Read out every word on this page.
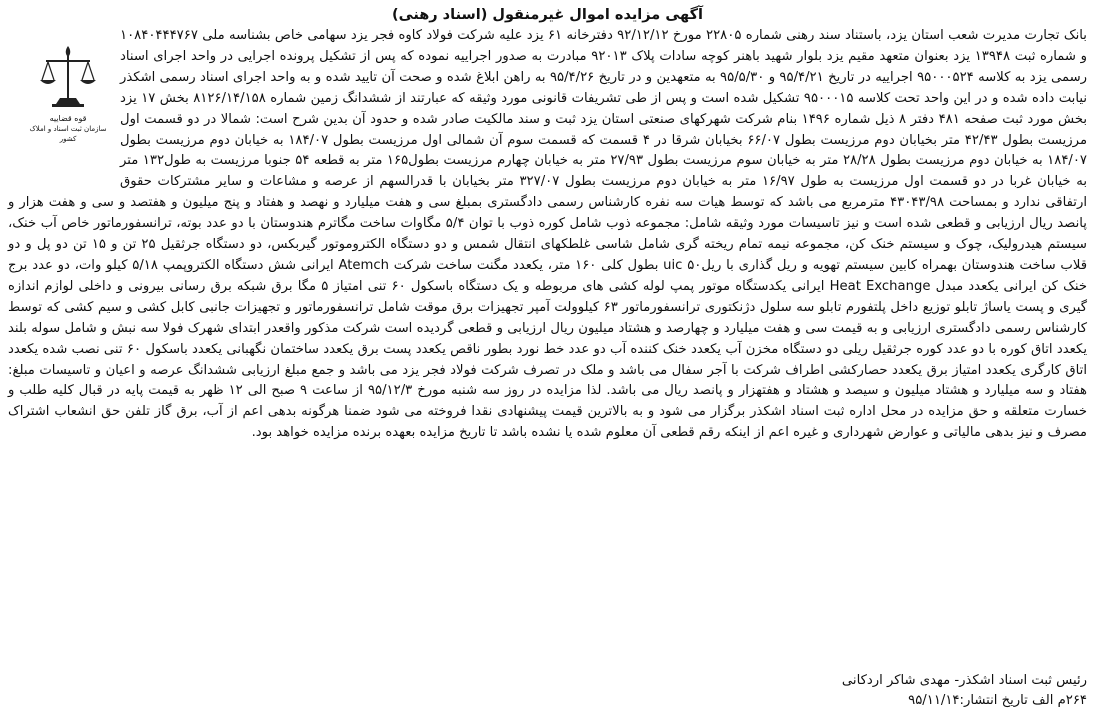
قوه قضاییه
سازمان ثبت اسناد و املاک کشور
آگهی مزایده اموال غیرمنقول (اسناد رهنی)

بانک تجارت مدیرت شعب استان یزد، باستناد سند رهنی شماره ۲۲۸۰۵ مورخ ۹۲/۱۲/۱۲ دفترخانه ۶۱ یزد علیه شرکت فولاد کاوه فجر یزد سهامی خاص بشناسه ملی ۱۰۸۴۰۴۴۴۷۶۷ و شماره ثبت ۱۳۹۴۸ یزد بعنوان متعهد مقیم یزد بلوار شهید باهنر کوچه سادات پلاک ۹۲۰۱۳ مبادرت به صدور اجراییه نموده که پس از تشکیل پرونده اجرایی در واحد اجرای اسناد رسمی یزد به کلاسه ۹۵۰۰۰۵۲۴ اجراییه در تاریخ ۹۵/۴/۲۱ و ۹۵/۵/۳۰ به متعهدین و در تاریخ ۹۵/۴/۲۶ به راهن ابلاغ شده و صحت آن تایید شده و به واحد اجرای اسناد رسمی اشکذر نیابت داده شده و در این واحد تحت کلاسه ۹۵۰۰۰۱۵ تشکیل شده است و پس از طی تشریفات قانونی مورد وثیقه که عبارتند از ششدانگ زمین شماره ۸۱۲۶/۱۴/۱۵۸ بخش ۱۷ یزد بخش مورد ثبت صفحه ۴۸۱ دفتر ۸ ذیل شماره ۱۴۹۶ بنام شرکت شهرکهای صنعتی استان یزد ثبت و سند مالکیت صادر شده و حدود آن بدین شرح است: شمالا در دو قسمت اول مرزیست بطول ۴۲/۴۳ متر بخیابان دوم مرزیست بطول ۶۶/۰۷ بخیابان شرقا در ۴ قسمت که قسمت سوم آن شمالی اول مرزیست بطول ۱۸۴/۰۷ به خیابان دوم مرزیست بطول ۱۸۴/۰۷ به خیابان دوم مرزیست بطول ۲۸/۲۸ متر به خیابان سوم مرزیست بطول ۲۷/۹۳ متر به خیابان چهارم مرزیست بطول۱۶۵ متر به قطعه ۵۴ جنوبا مرزیست به طول۱۳۲ متر به خیابان غربا در دو قسمت اول مرزیست به طول ۱۶/۹۷ متر به خیابان دوم مرزیست بطول ۳۲۷/۰۷ متر بخیابان با قدرالسهم از عرصه و مشاعات و سایر مشترکات حقوق ارتفاقی ندارد و بمساحت ۴۳۰۴۳/۹۸ مترمربع می باشد که توسط هیات سه نفره کارشناس رسمی دادگستری بمبلغ سی و هفت میلیارد و نهصد و هفتاد و پنج میلیون و هفتصد و سی و هفت هزار و پانصد ریال ارزیابی و قطعی شده است و نیز تاسیسات مورد وثیقه شامل: مجموعه ذوب شامل کوره ذوب با توان ۵/۴ مگاوات ساخت مگاترم هندوستان با دو عدد بوته، ترانسفورماتور خاص آب خنک، سیستم هیدرولیک، چوک و سیستم خنک کن، مجموعه نیمه تمام ریخته گری شامل شاسی غلطکهای انتقال شمس و دو دستگاه الکتروموتور گیربکس، دو دستگاه جرثقیل ۲۵ تن و ۱۵ تن دو پل و دو قلاب ساخت هندوستان بهمراه کابین سیستم تهویه و ریل گذاری با ریل۵۰ uic بطول کلی ۱۶۰ متر، یکعدد مگنت ساخت شرکت Atemch ایرانی شش دستگاه الکتروپمپ ۵/۱۸ کیلو وات، دو عدد برج خنک کن ایرانی یکعدد مبدل Heat Exchange ایرانی یکدستگاه موتور پمپ لوله کشی های مربوطه و یک دستگاه باسکول ۶۰ تنی امتیاز ۵ مگا برق شبکه برق رسانی بیرونی و داخلی لوازم اندازه گیری و پست یاساژ تابلو توزیع داخل پلتفورم تابلو سه سلول دژنکتوری ترانسفورماتور ۶۳ کیلوولت آمپر تجهیزات برق موقت شامل ترانسفورماتور و تجهیزات جانبی کابل کشی و سیم کشی که توسط کارشناس رسمی دادگستری ارزیابی و به قیمت سی و هفت میلیارد و چهارصد و هشتاد میلیون ریال ارزیابی و قطعی گردیده است شرکت مذکور واقعدر ابتدای شهرک فولا سه نبش و شامل سوله بلند یکعدد اتاق کوره با دو عدد کوره جرثقیل ریلی دو دستگاه مخزن آب یکعدد خنک کننده آب دو عدد خط نورد بطور ناقص یکعدد پست برق یکعدد ساختمان نگهبانی یکعدد باسکول ۶۰ تنی نصب شده یکعدد اتاق کارگری یکعدد امتیاز برق یکعدد حصارکشی اطراف شرکت با آجر سفال می باشد و ملک در تصرف شرکت فولاد فجر یزد می باشد و جمع مبلغ ارزیابی ششدانگ عرصه و اعیان و تاسیسات مبلغ: هفتاد و سه میلیارد و هشتاد میلیون و سیصد و هشتاد و هفتهزار و پانصد ریال می باشد. لذا مزایده در روز سه شنبه مورخ ۹۵/۱۲/۳ از ساعت ۹ صبح الی ۱۲ ظهر به قیمت پایه در قبال کلیه طلب و خسارت متعلقه و حق مزایده در محل اداره ثبت اسناد اشکذر برگزار می شود و به بالاترین قیمت پیشنهادی نقدا فروخته می شود ضمنا هرگونه بدهی اعم از آب، برق گاز تلفن حق انشعاب اشتراک مصرف و نیز بدهی مالیاتی و عوارض شهرداری و غیره اعم از اینکه رقم قطعی آن معلوم شده یا نشده باشد تا تاریخ مزایده بعهده برنده مزایده خواهد بود.

رئیس ثبت اسناد اشکذر- مهدی شاکر اردکانی
۲۶۴م الف تاریخ انتشار:۹۵/۱۱/۱۴
